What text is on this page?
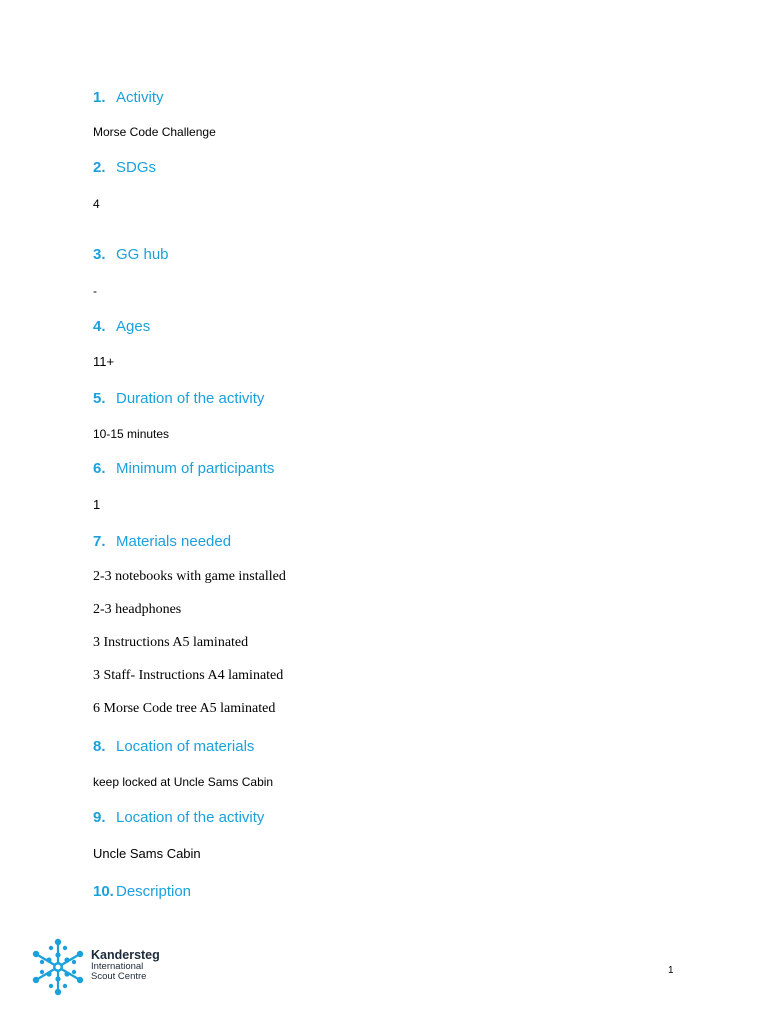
1. Activity
Morse Code Challenge
2. SDGs
4
3. GG hub
-
4. Ages
11+
5. Duration of the activity
10-15 minutes
6. Minimum of participants
1
7. Materials needed
2-3 notebooks with game installed
2-3 headphones
3 Instructions A5 laminated
3 Staff- Instructions A4 laminated
6 Morse Code tree A5 laminated
8. Location of materials
keep locked at Uncle Sams Cabin
9. Location of the activity
Uncle Sams Cabin
10. Description
Kandersteg
International
Scout Centre
1
